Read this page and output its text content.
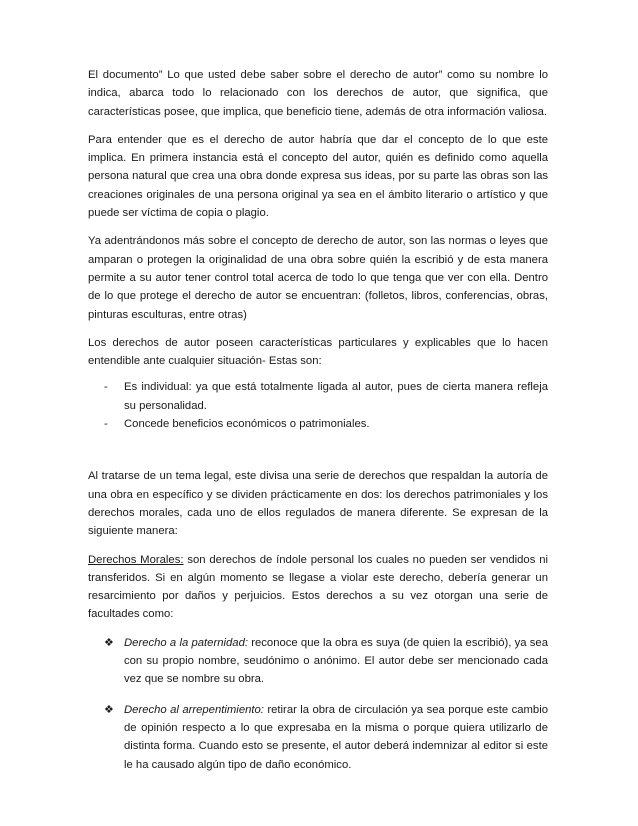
El documento” Lo que usted debe saber sobre el derecho de autor” como su nombre lo indica, abarca todo lo relacionado con los derechos de autor, que significa, que características posee, que implica, que beneficio tiene, además de otra información valiosa.

Para entender que es el derecho de autor habría que dar el concepto de lo que este implica. En primera instancia está el concepto del autor, quién es definido como aquella persona natural que crea una obra donde expresa sus ideas, por su parte las obras son las creaciones originales de una persona original ya sea en el ámbito literario o artístico y que puede ser víctima de copia o plagio.

Ya adentrándonos más sobre el concepto de derecho de autor, son las normas o leyes que amparan o protegen la originalidad de una obra sobre quién la escribió y de esta manera permite a su autor tener control total acerca de todo lo que tenga que ver con ella. Dentro de lo que protege el derecho de autor se encuentran: (folletos, libros, conferencias, obras, pinturas esculturas, entre otras)

Los derechos de autor poseen características particulares y explicables que lo hacen entendible ante cualquier situación- Estas son:

- Es individual: ya que está totalmente ligada al autor, pues de cierta manera refleja su personalidad.
- Concede beneficios económicos o patrimoniales.

Al tratarse de un tema legal, este divisa una serie de derechos que respaldan la autoría de una obra en específico y se dividen prácticamente en dos: los derechos patrimoniales y los derechos morales, cada uno de ellos regulados de manera diferente. Se expresan de la siguiente manera:

Derechos Morales: son derechos de índole personal los cuales no pueden ser vendidos ni transferidos. Si en algún momento se llegase a violar este derecho, debería generar un resarcimiento por daños y perjuicios. Estos derechos a su vez otorgan una serie de facultades como:

❖ Derecho a la paternidad: reconoce que la obra es suya (de quien la escribió), ya sea con su propio nombre, seudónimo o anónimo. El autor debe ser mencionado cada vez que se nombre su obra.
❖ Derecho al arrepentimiento: retirar la obra de circulación ya sea porque este cambio de opinión respecto a lo que expresaba en la misma o porque quiera utilizarlo de distinta forma. Cuando esto se presente, el autor deberá indemnizar al editor si este le ha causado algún tipo de daño económico.
